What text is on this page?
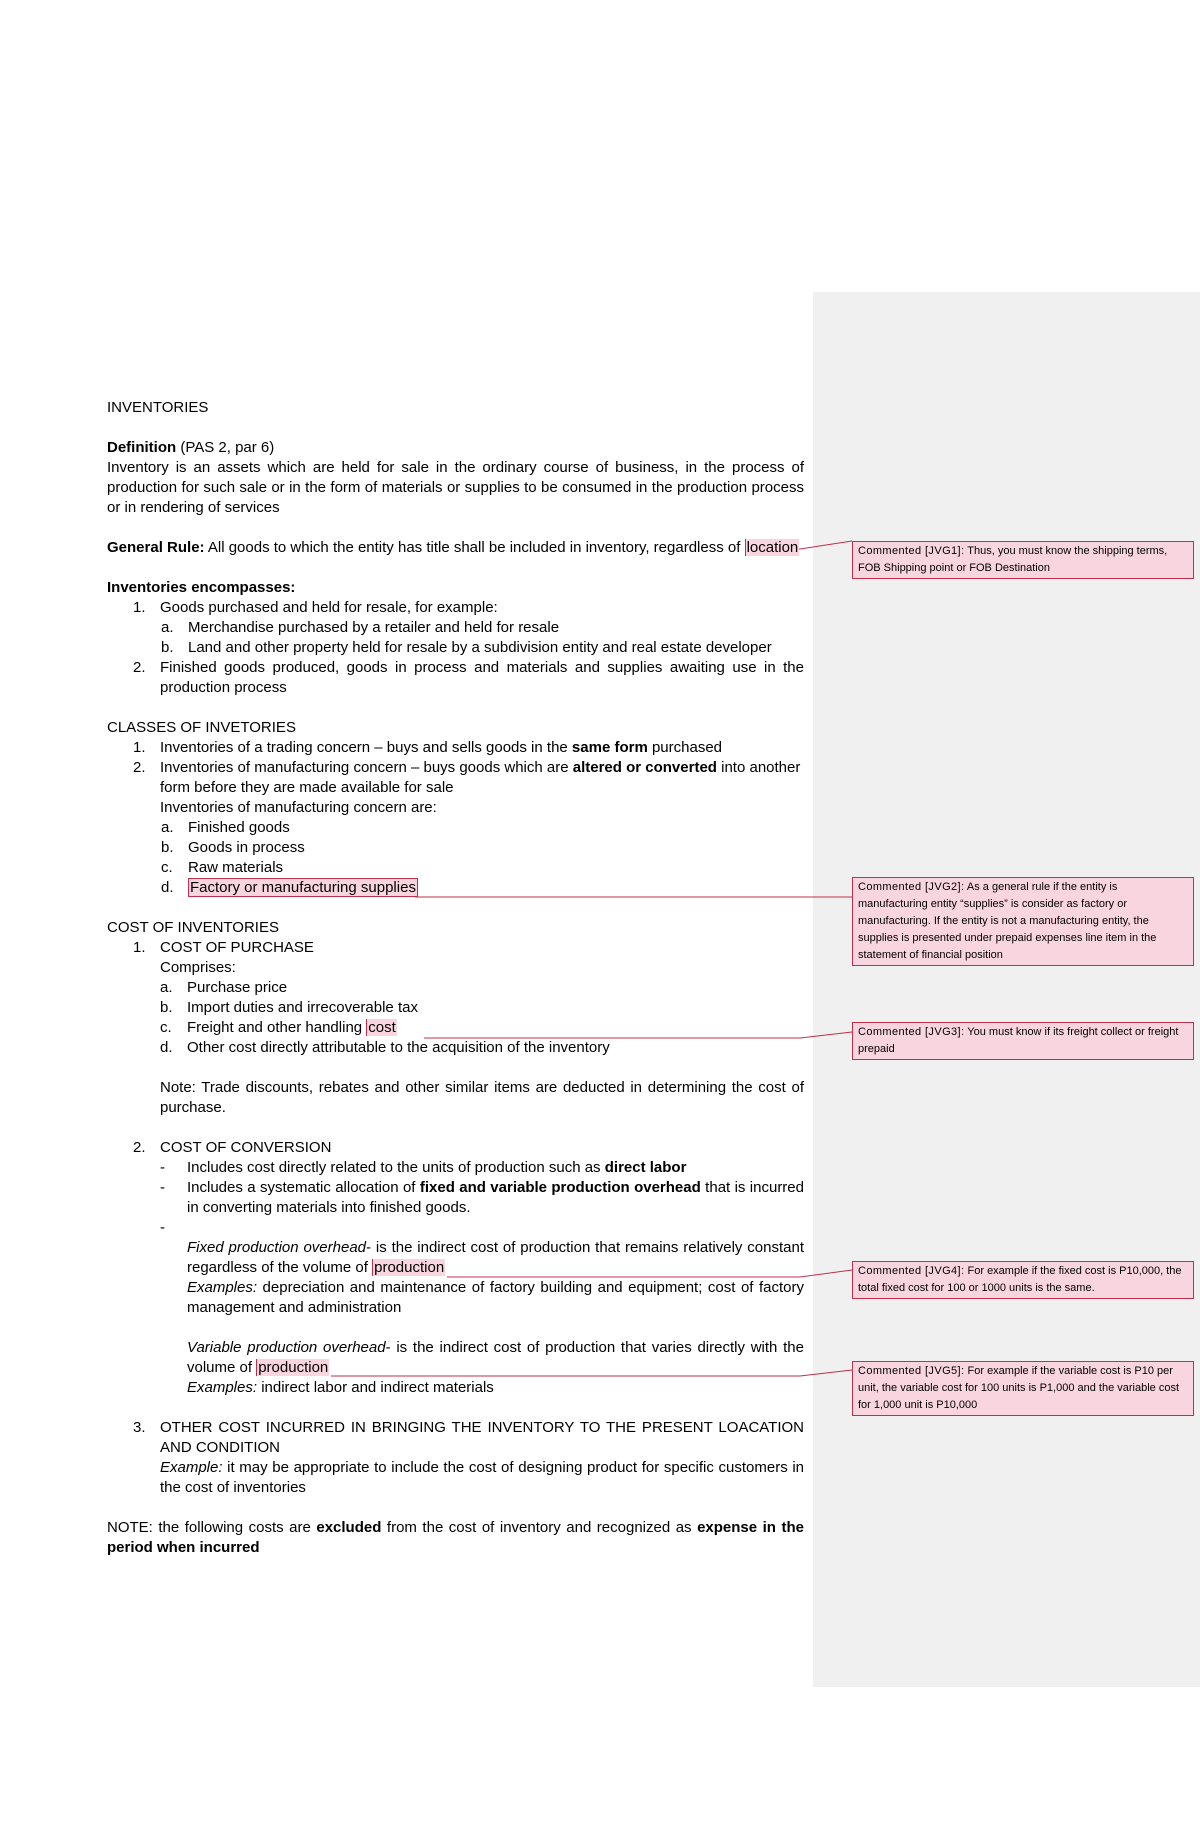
INVENTORIES

Definition (PAS 2, par 6)

Inventory is an assets which are held for sale in the ordinary course of business, in the process of production for such sale or in the form of materials or supplies to be consumed in the production process or in rendering of services

General Rule: All goods to which the entity has title shall be included in inventory, regardless of location

Inventories encompasses:

1. Goods purchased and held for resale, for example:
a. Merchandise purchased by a retailer and held for resale
b. Land and other property held for resale by a subdivision entity and real estate developer
2. Finished goods produced, goods in process and materials and supplies awaiting use in the production process

CLASSES OF INVETORIES

1. Inventories of a trading concern – buys and sells goods in the same form purchased
2. Inventories of manufacturing concern – buys goods which are altered or converted into another form before they are made available for sale

Inventories of manufacturing concern are:

a. Finished goods
b. Goods in process
c.	Raw materials
d.	Factory or manufacturing supplies

COST OF INVENTORIES

1. COST OF PURCHASE

Comprises:

a. Purchase price
b. Import duties and irrecoverable tax
c.	Freight and other handling cost
d. Other cost directly attributable to the acquisition of the inventory

Note: Trade discounts, rebates and other similar items are deducted in determining the cost of purchase.

2. COST OF CONVERSION
-	Includes cost directly related to the units of production such as direct labor
-	Includes a systematic allocation of fixed and variable production overhead that is incurred in converting materials into finished goods.
-

Fixed production overhead- is the indirect cost of production that remains relatively constant regardless of the volume of production

Examples: depreciation and maintenance of factory building and equipment; cost of factory management and administration

Variable production overhead- is the indirect cost of production that varies directly with the volume of production

Examples: indirect labor and indirect materials

3. OTHER COST INCURRED IN BRINGING THE INVENTORY TO THE PRESENT LOACATION AND CONDITION

Example: it may be appropriate to include the cost of designing product for specific customers in the cost of inventories

NOTE: the following costs are excluded from the cost of inventory and recognized as expense in the period when incurred

Commented [JVG1]: Thus, you must know the shipping terms, FOB Shipping point or FOB Destination
Commented [JVG2]: As a general rule if the entity is manufacturing entity “supplies” is consider as factory or manufacturing. If the entity is not a manufacturing entity, the supplies is presented under prepaid expenses line item in the statement of financial position
Commented [JVG3]: You must know if its freight collect or freight prepaid
Commented [JVG4]: For example if the fixed cost is P10,000, the total fixed cost for 100 or 1000 units is the same.
Commented [JVG5]: For example if the variable cost is P10 per unit, the variable cost for 100 units is P1,000 and the variable cost for 1,000 unit is P10,000
